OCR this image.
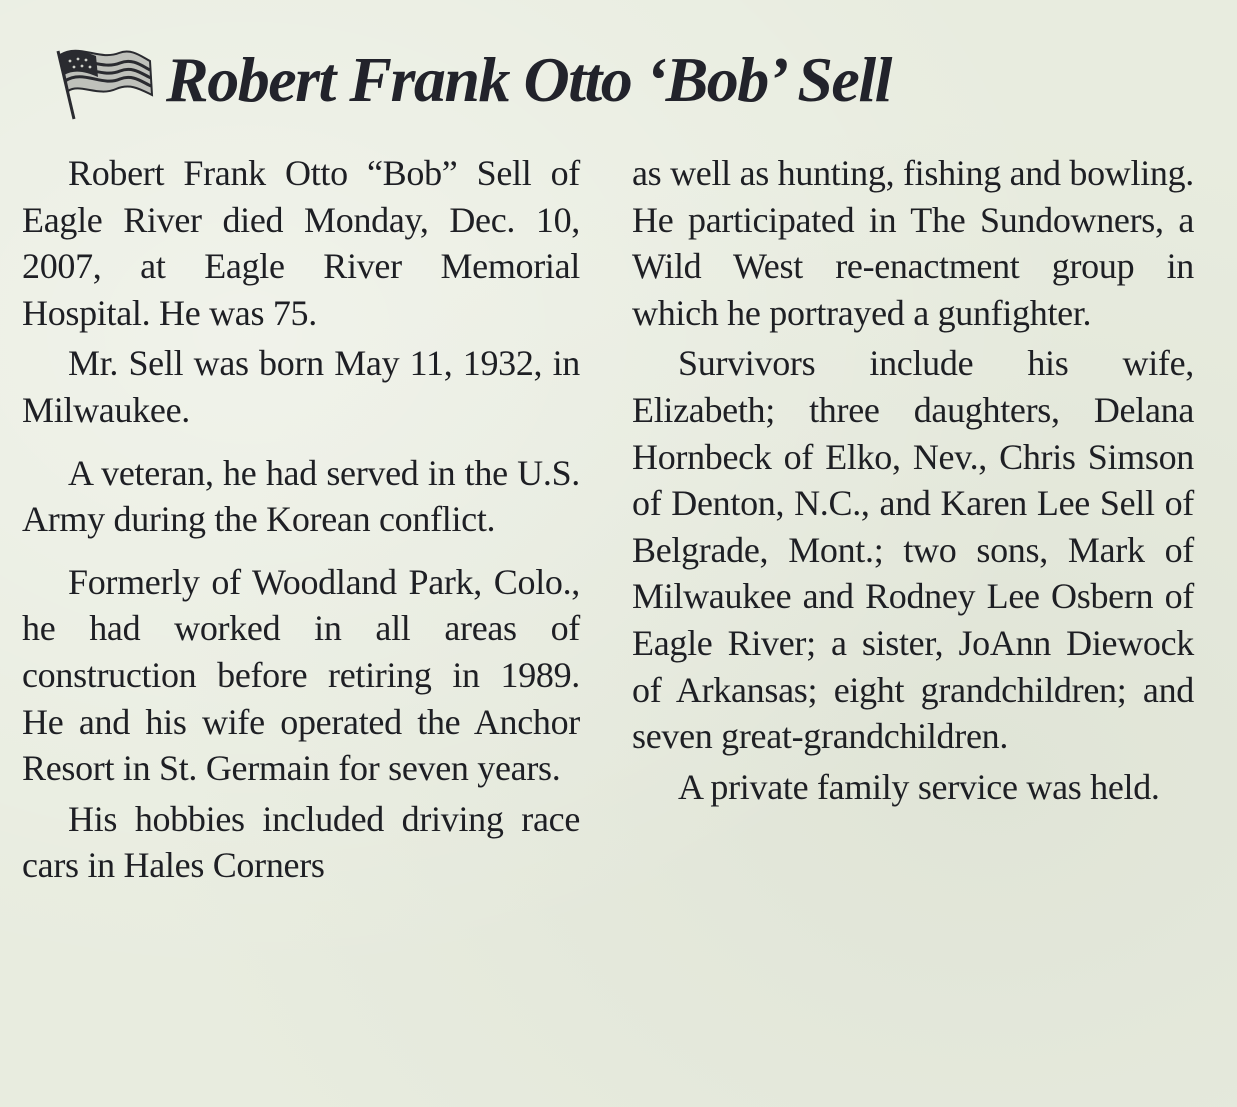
Robert Frank Otto ‘Bob’ Sell

Robert Frank Otto “Bob” Sell of Eagle River died Monday, Dec. 10, 2007, at Eagle River Memorial Hospital. He was 75.

Mr. Sell was born May 11, 1932, in Milwaukee.

A veteran, he had served in the U.S. Army during the Korean conflict.

Formerly of Woodland Park, Colo., he had worked in all areas of construction before retiring in 1989. He and his wife operated the Anchor Resort in St. Germain for seven years.

His hobbies included driving race cars in Hales Corners

as well as hunting, fishing and bowling. He participated in The Sundowners, a Wild West re-enactment group in which he portrayed a gunfighter.

Survivors include his wife, Elizabeth; three daughters, Delana Hornbeck of Elko, Nev., Chris Simson of Denton, N.C., and Karen Lee Sell of Belgrade, Mont.; two sons, Mark of Milwaukee and Rodney Lee Osbern of Eagle River; a sister, JoAnn Diewock of Arkansas; eight grandchildren; and seven great-grandchildren.

A private family service was held.
